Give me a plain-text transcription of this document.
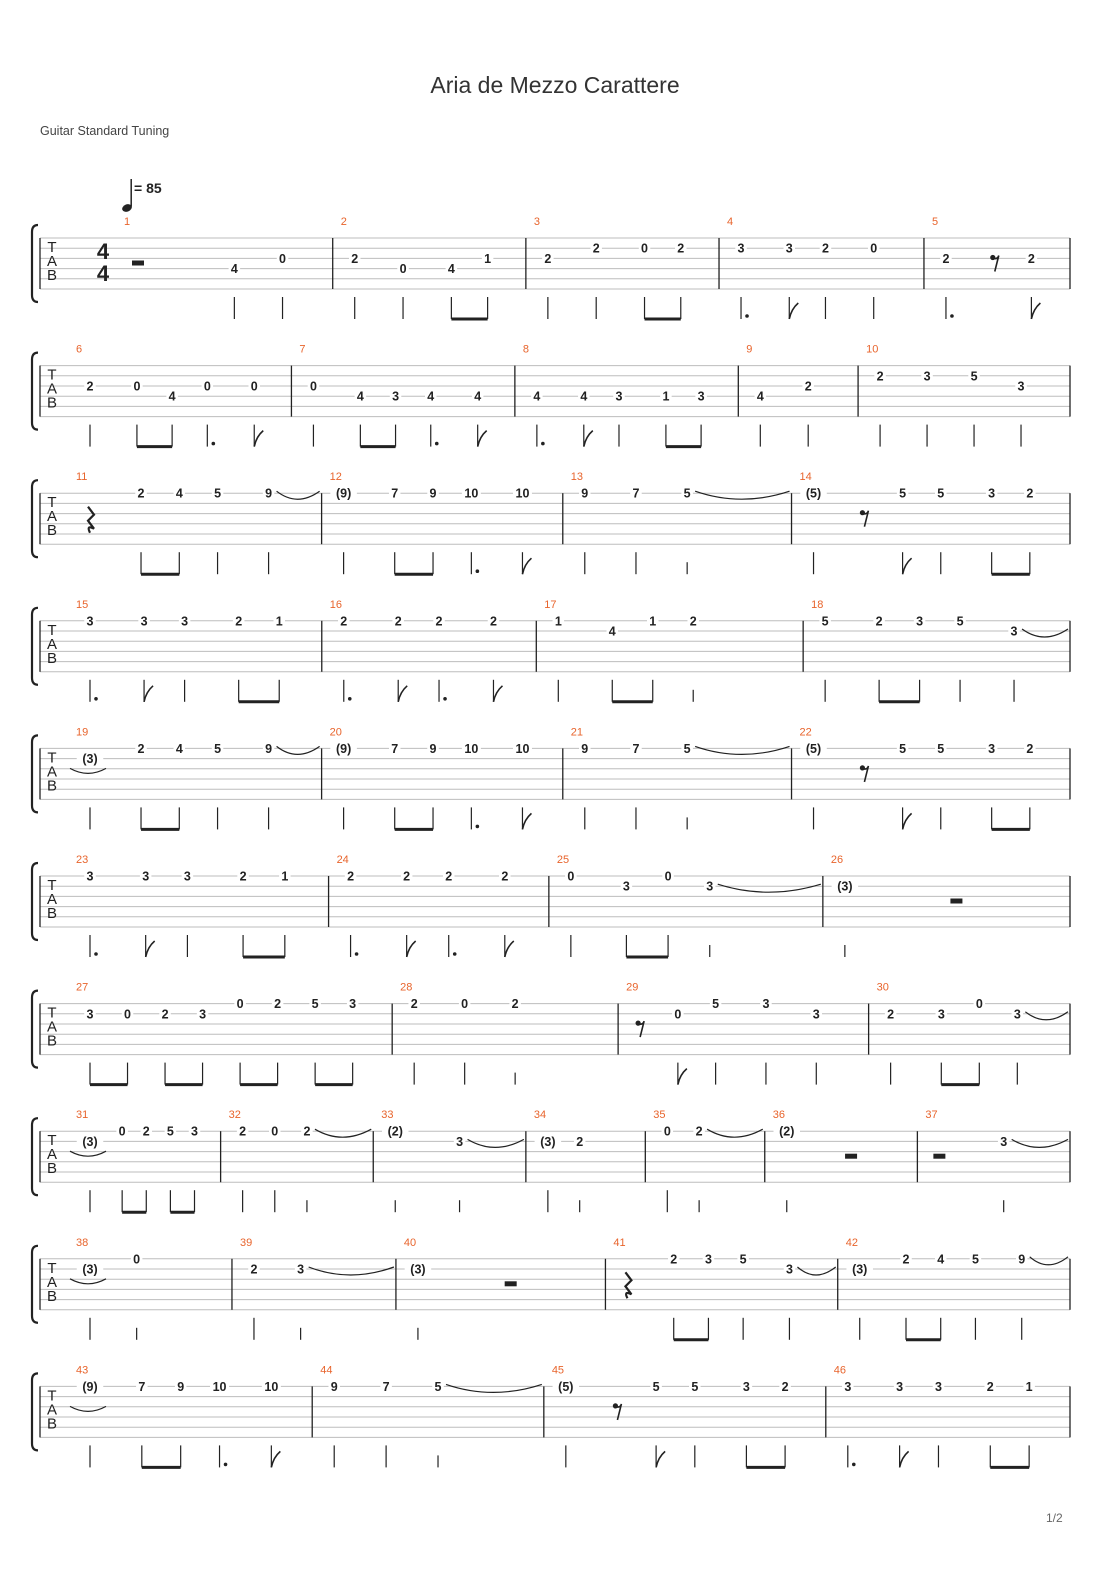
Aria de Mezzo Carattere
Guitar Standard Tuning
= 85
T
A
B
4
4
1
4
0
2
2
0	4
1
3
2
2	0 2
4
3	3 2	0
5
2	2
T
A
B
6
2	0
4
0	0
7
0
4 3 4	4
8
4	4 3	1 3
9
4
2
10
2	3	5
3
T
A
B
11
2	4	5	9
12
(9)	7	9 10	10
13
9	7	5
14
(5)	5 5	3 2
T
A
B
15
3	3	3	2	1
16
2	2	2	2
17
1
4
1	2
18
5	2	3	5
3
T
A
B
19
(3)
2	4	5	9
20
(9)	7	9 10	10
21
9	7	5
22
(5)	5 5	3 2
T
A
B
23
3	3	3	2	1
24
2	2	2	2
25
0
3
0
3
26
(3)
T
A
B
27
3 0 2 3
0 2 5 3
28
2	0	2
29
0
5	3
3
30
2	3
0
3
T
A
B
31
(3)
0 2 5 3
32
2 0 2
33
(2)
3
34
(3) 2
35
0 2
36
(2)
37
3
T
A
B
38
(3)
0
39
2	3
40
(3)
41
2 3 5
3
42
(3)
2 4 5	9
T
A
B
43
(9)	7	9 10	10
44
9	7	5
45
(5)	5	5	3	2
46
3	3	3	2	1
1/2
